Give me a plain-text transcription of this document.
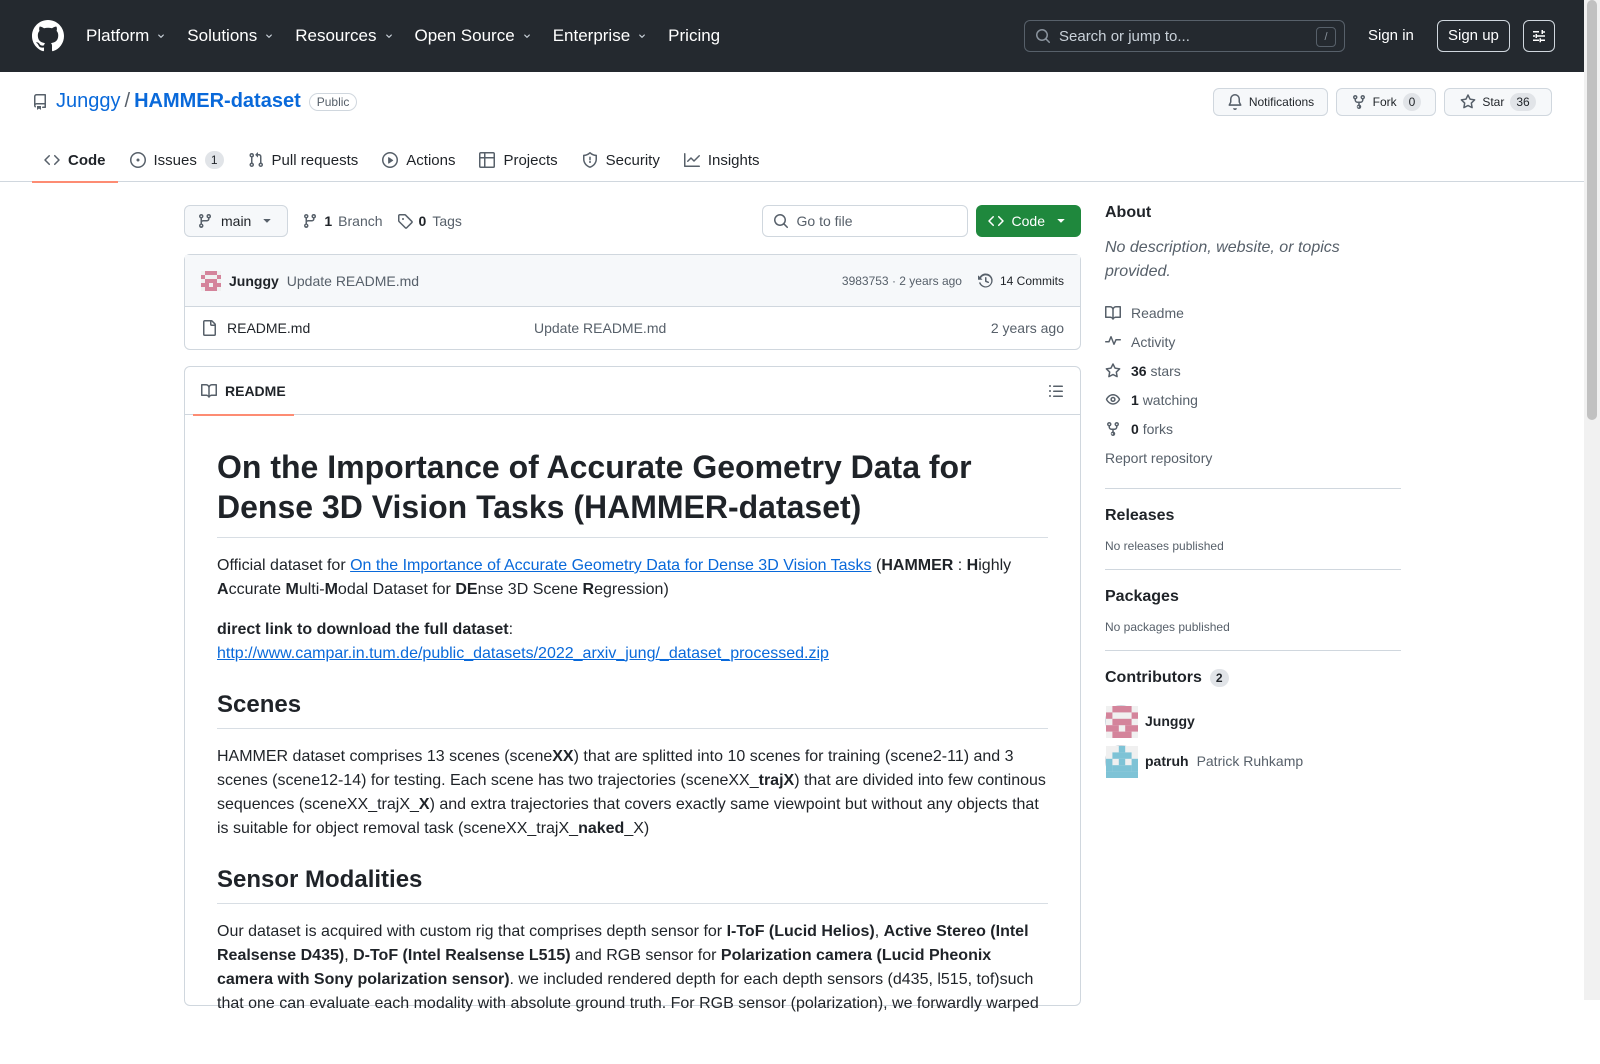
Platform Solutions Resources Open Source Enterprise Pricing	Search or jump to...	/	Sign in	Sign up
Junggy / HAMMER-dataset	Public	Notifications	Fork	0	Star	36
Code	Issues	1	Pull requests	Actions	Projects	Security	Insights
main	1 Branch	0 Tags	Go to file	Code
Junggy Update README.md	3983753 · 2 years ago	14 Commits
README.md	Update README.md	2 years ago
README
On the Importance of Accurate Geometry Data for Dense 3D Vision Tasks (HAMMER-dataset)

Official dataset for On the Importance of Accurate Geometry Data for Dense 3D Vision Tasks (HAMMER : Highly Accurate Multi-Modal Dataset for DEnse 3D Scene Regression)

direct link to download the full dataset:
http://www.campar.in.tum.de/public_datasets/2022_arxiv_jung/_dataset_processed.zip

Scenes

HAMMER dataset comprises 13 scenes (sceneXX) that are splitted into 10 scenes for training (scene2-11) and 3 scenes (scene12-14) for testing. Each scene has two trajectories (sceneXX_trajX) that are divided into few continous sequences (sceneXX_trajX_X) and extra trajectories that covers exactly same viewpoint but without any objects that is suitable for object removal task (sceneXX_trajX_naked_X)

Sensor Modalities

Our dataset is acquired with custom rig that comprises depth sensor for I-ToF (Lucid Helios), Active Stereo (Intel Realsense D435), D-ToF (Intel Realsense L515) and RGB sensor for Polarization camera (Lucid Pheonix camera with Sony polarization sensor). we included rendered depth for each depth sensors (d435, l515, tof)such that one can evaluate each modality with absolute ground truth. For RGB sensor (polarization), we forwardly warped

About

No description, website, or topics provided.

Readme
Activity
36 stars
1 watching
0 forks
Report repository
Releases
No releases published
Packages
No packages published
Contributors	2
Junggy
patruh Patrick Ruhkamp
